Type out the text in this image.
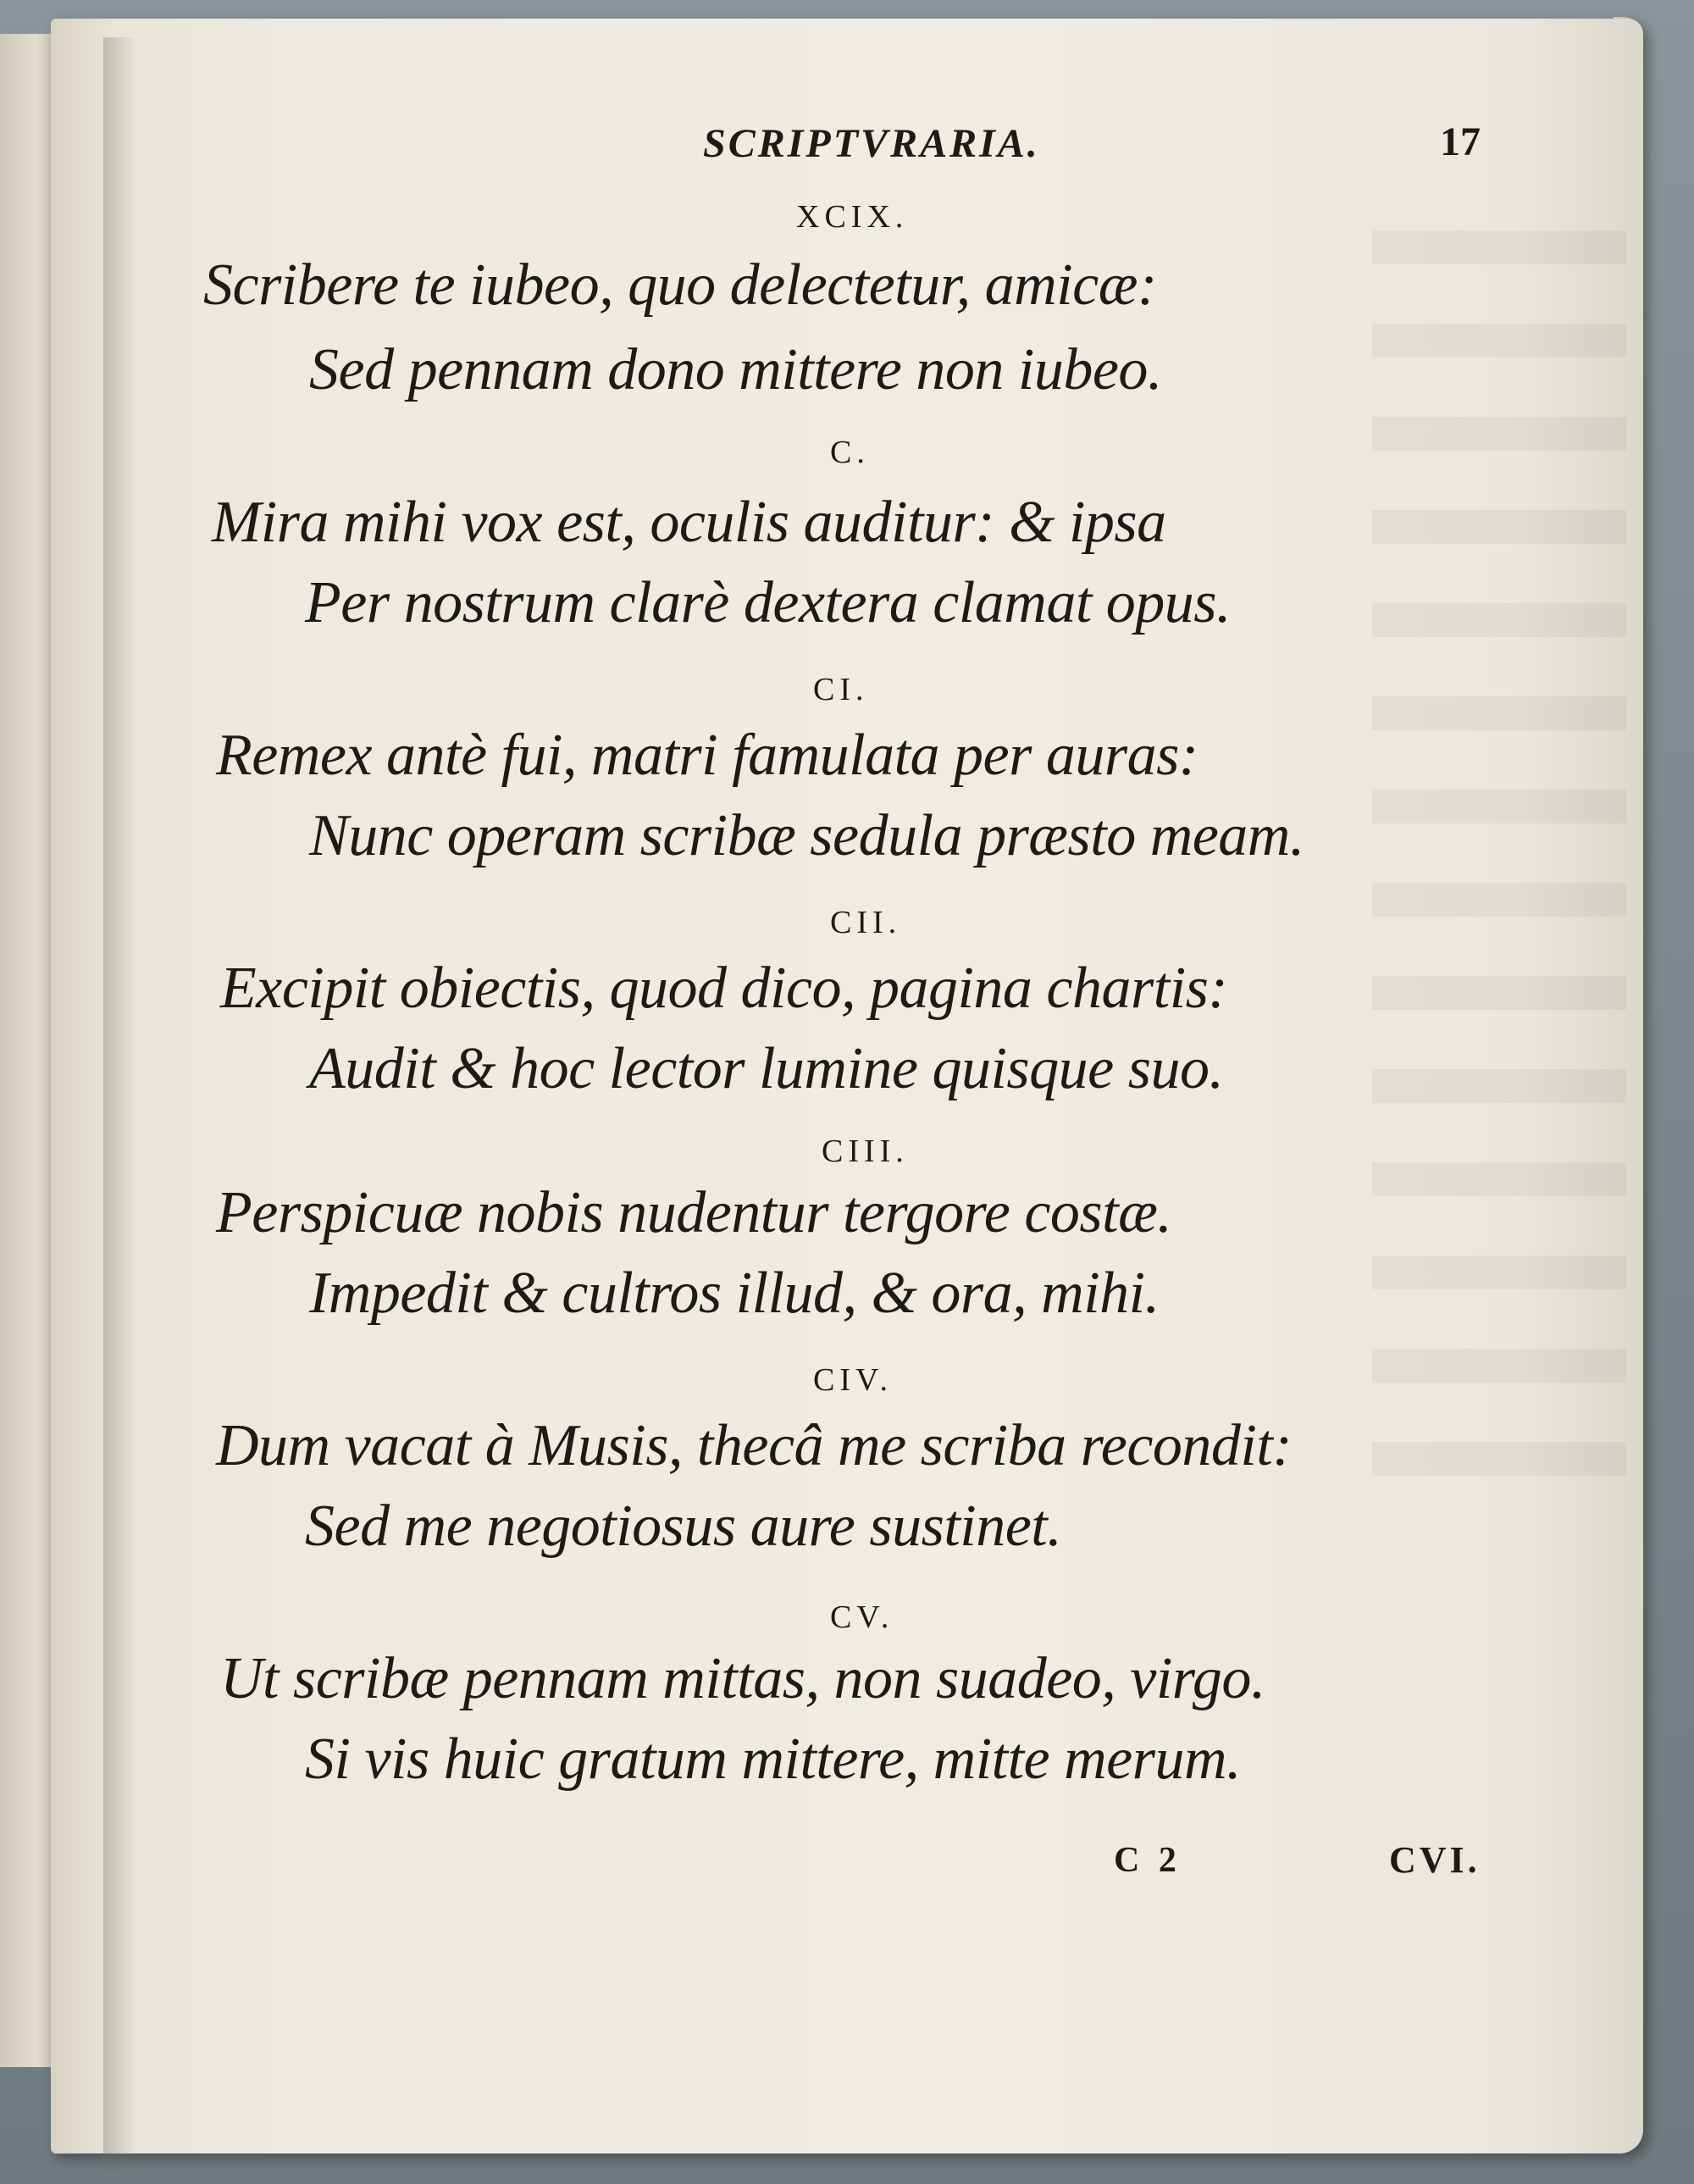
SCRIPTVRARIA.	17
XCIX.
Scribere te iubeo, quo delectetur, amicæ:
Sed pennam dono mittere non iubeo.
C.
Mira mihi vox est, oculis auditur: & ipsa
Per nostrum clarè dextera clamat opus.
CI.
Remex antè fui, matri famulata per auras:
Nunc operam scribæ sedula præsto meam.
CII.
Excipit obiectis, quod dico, pagina chartis:
Audit & hoc lector lumine quisque suo.
CIII.
Perspicuæ nobis nudentur tergore costæ.
Impedit & cultros illud, & ora, mihi.
CIV.
Dum vacat à Musis, thecâ me scriba recondit:
Sed me negotiosus aure sustinet.
CV.
Ut scribæ pennam mittas, non suadeo, virgo.
Si vis huic gratum mittere, mitte merum.
C 2	CVI.
